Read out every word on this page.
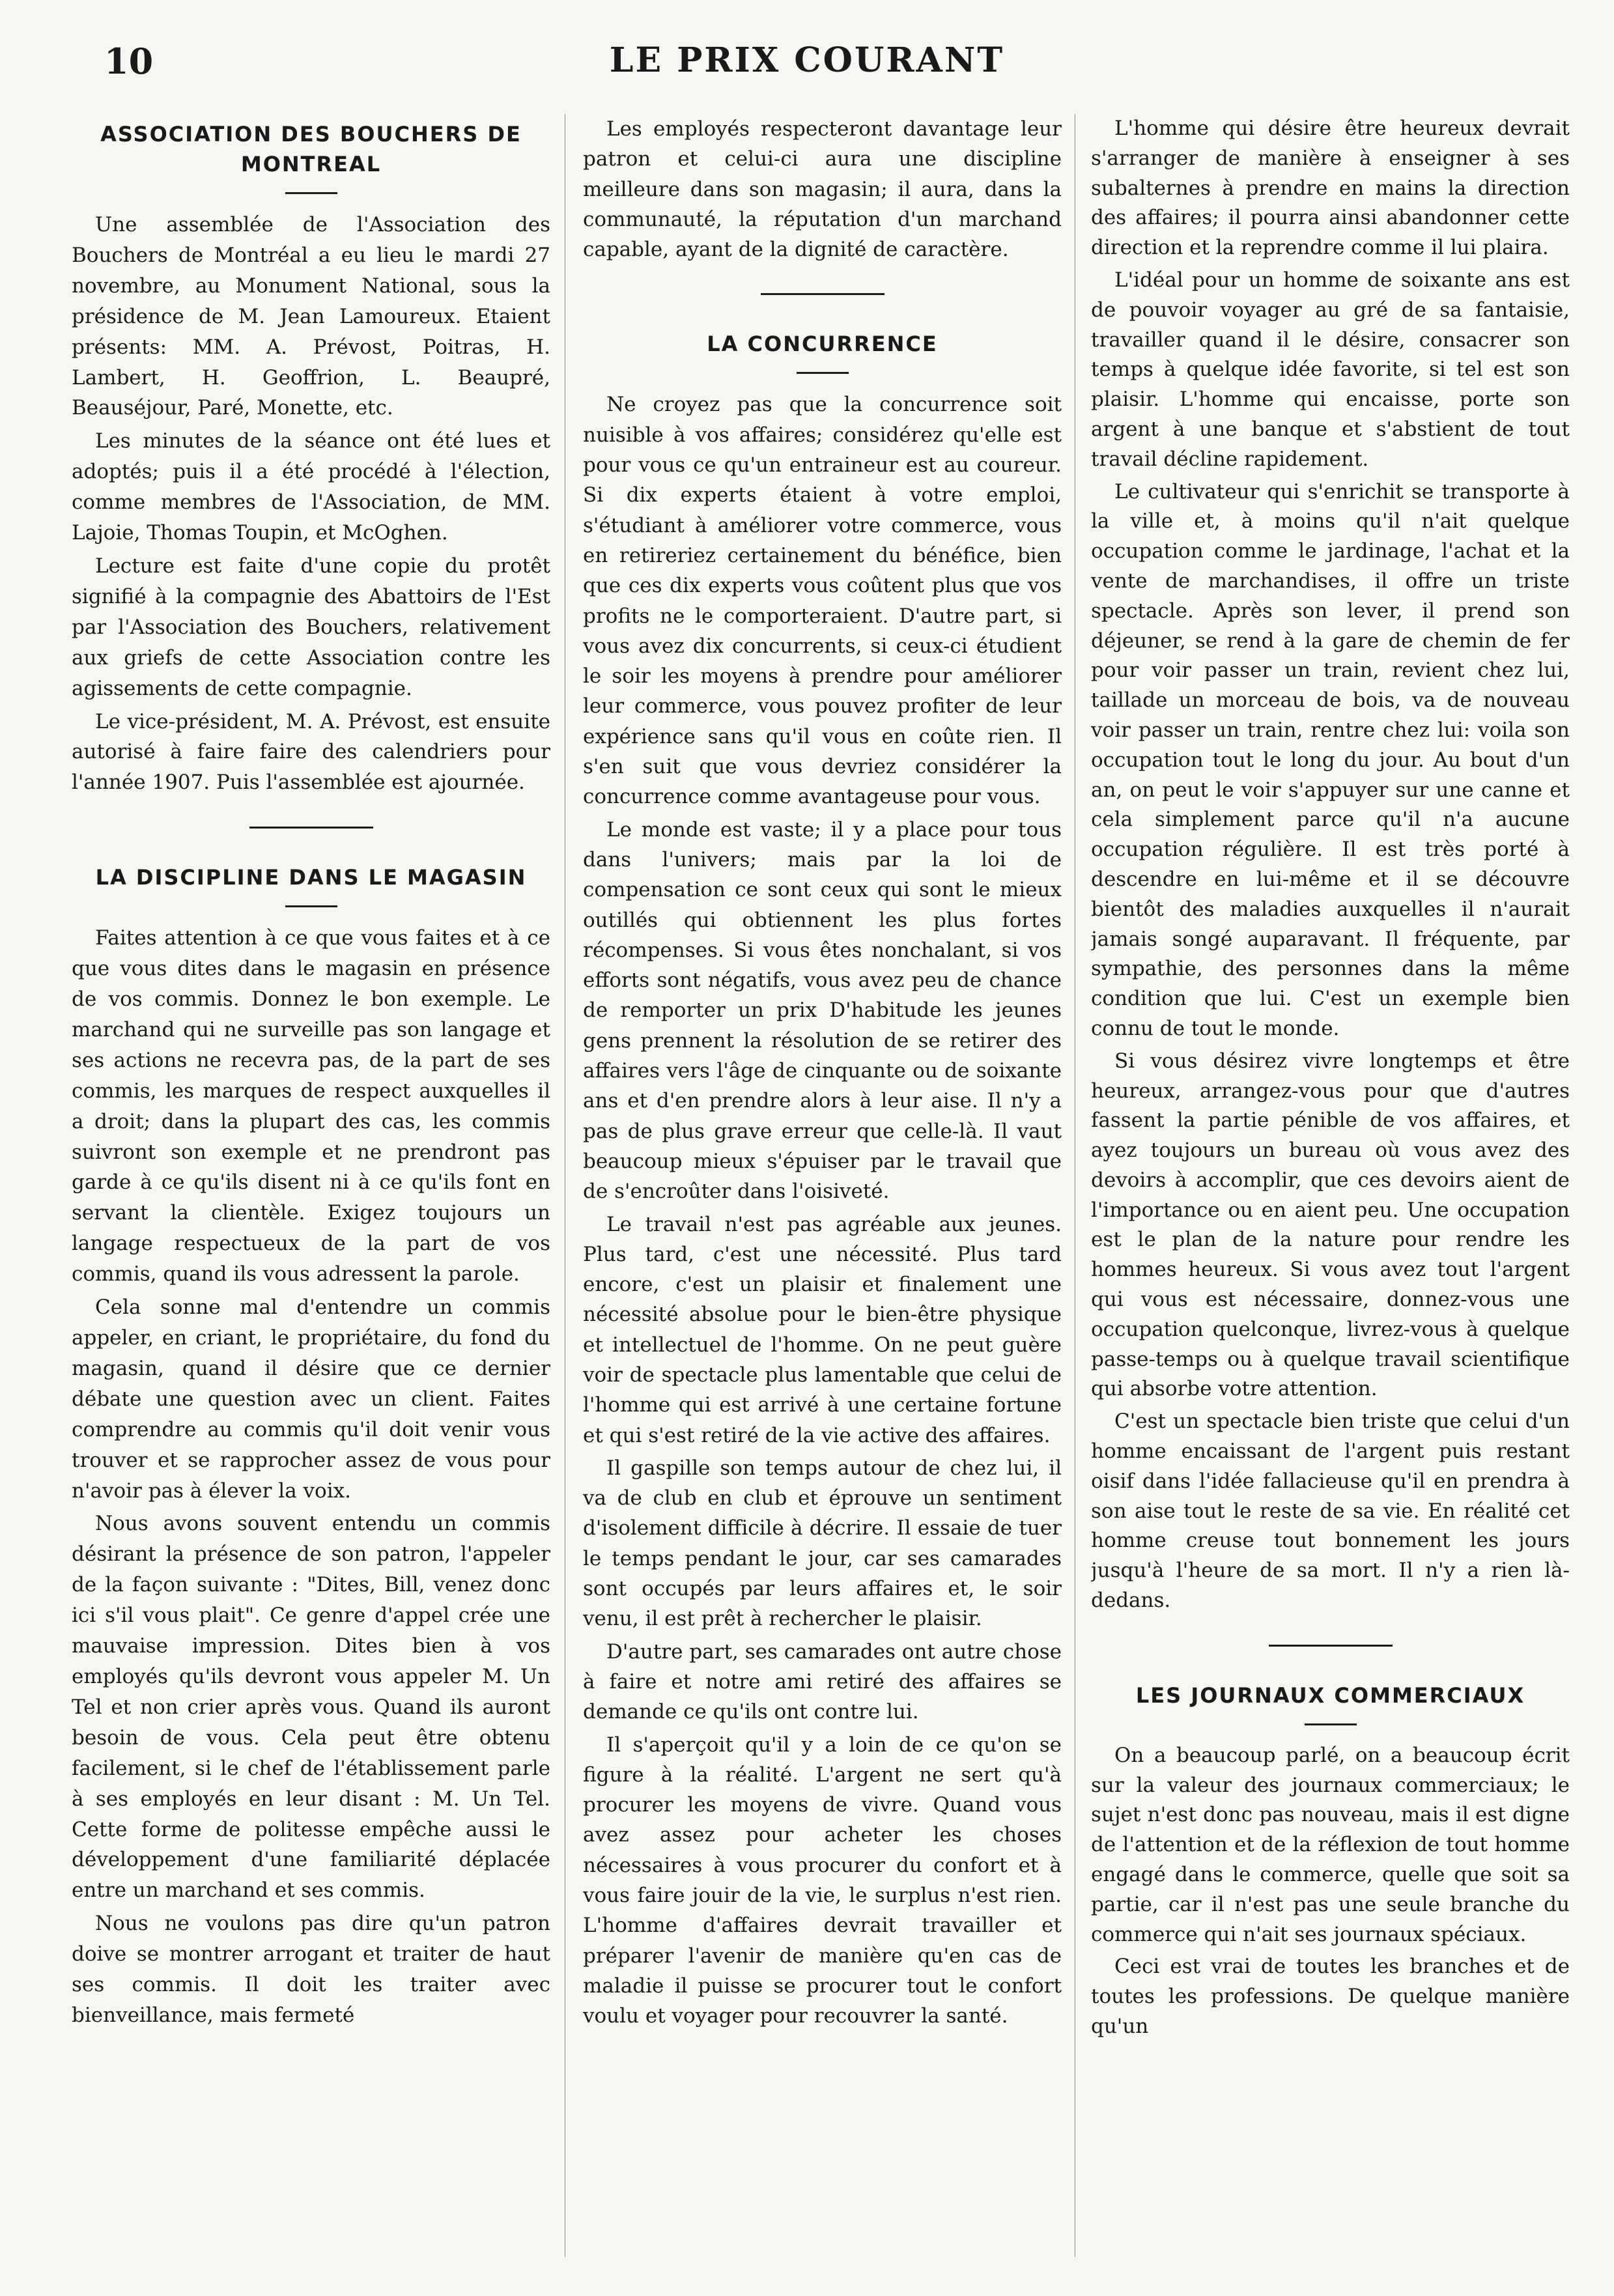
10	LE PRIX COURANT
ASSOCIATION DES BOUCHERS DE MONTREAL

Une assemblée de l'Association des Bouchers de Montréal a eu lieu le mardi 27 novembre, au Monument National, sous la présidence de M. Jean Lamoureux. Etaient présents: MM. A. Prévost, Poitras, H. Lambert, H. Geoffrion, L. Beaupré, Beauséjour, Paré, Monette, etc.

Les minutes de la séance ont été lues et adoptés; puis il a été procédé à l'élection, comme membres de l'Association, de MM. Lajoie, Thomas Toupin, et McOghen.

Lecture est faite d'une copie du protêt signifié à la compagnie des Abattoirs de l'Est par l'Association des Bouchers, relativement aux griefs de cette Association contre les agissements de cette compagnie.

Le vice-président, M. A. Prévost, est ensuite autorisé à faire faire des calendriers pour l'année 1907. Puis l'assemblée est ajournée.

LA DISCIPLINE DANS LE MAGASIN

Faites attention à ce que vous faites et à ce que vous dites dans le magasin en présence de vos commis. Donnez le bon exemple. Le marchand qui ne surveille pas son langage et ses actions ne recevra pas, de la part de ses commis, les marques de respect auxquelles il a droit; dans la plupart des cas, les commis suivront son exemple et ne prendront pas garde à ce qu'ils disent ni à ce qu'ils font en servant la clientèle. Exigez toujours un langage respectueux de la part de vos commis, quand ils vous adressent la parole.

Cela sonne mal d'entendre un commis appeler, en criant, le propriétaire, du fond du magasin, quand il désire que ce dernier débate une question avec un client. Faites comprendre au commis qu'il doit venir vous trouver et se rapprocher assez de vous pour n'avoir pas à élever la voix.

Nous avons souvent entendu un commis désirant la présence de son patron, l'appeler de la façon suivante : "Dites, Bill, venez donc ici s'il vous plait". Ce genre d'appel crée une mauvaise impression. Dites bien à vos employés qu'ils devront vous appeler M. Un Tel et non crier après vous. Quand ils auront besoin de vous. Cela peut être obtenu facilement, si le chef de l'établissement parle à ses employés en leur disant : M. Un Tel. Cette forme de politesse empêche aussi le développement d'une familiarité déplacée entre un marchand et ses commis.

Nous ne voulons pas dire qu'un patron doive se montrer arrogant et traiter de haut ses commis. Il doit les traiter avec bienveillance, mais fermeté

Les employés respecteront davantage leur patron et celui-ci aura une discipline meilleure dans son magasin; il aura, dans la communauté, la réputation d'un marchand capable, ayant de la dignité de caractère.

LA CONCURRENCE

Ne croyez pas que la concurrence soit nuisible à vos affaires; considérez qu'elle est pour vous ce qu'un entraineur est au coureur. Si dix experts étaient à votre emploi, s'étudiant à améliorer votre commerce, vous en retireriez certainement du bénéfice, bien que ces dix experts vous coûtent plus que vos profits ne le comporteraient. D'autre part, si vous avez dix concurrents, si ceux-ci étudient le soir les moyens à prendre pour améliorer leur commerce, vous pouvez profiter de leur expérience sans qu'il vous en coûte rien. Il s'en suit que vous devriez considérer la concurrence comme avantageuse pour vous.

Le monde est vaste; il y a place pour tous dans l'univers; mais par la loi de compensation ce sont ceux qui sont le mieux outillés qui obtiennent les plus fortes récompenses. Si vous êtes nonchalant, si vos efforts sont négatifs, vous avez peu de chance de remporter un prix D'habitude les jeunes gens prennent la résolution de se retirer des affaires vers l'âge de cinquante ou de soixante ans et d'en prendre alors à leur aise. Il n'y a pas de plus grave erreur que celle-là. Il vaut beaucoup mieux s'épuiser par le travail que de s'encroûter dans l'oisiveté.

Le travail n'est pas agréable aux jeunes. Plus tard, c'est une nécessité. Plus tard encore, c'est un plaisir et finalement une nécessité absolue pour le bien-être physique et intellectuel de l'homme. On ne peut guère voir de spectacle plus lamentable que celui de l'homme qui est arrivé à une certaine fortune et qui s'est retiré de la vie active des affaires.

Il gaspille son temps autour de chez lui, il va de club en club et éprouve un sentiment d'isolement difficile à décrire. Il essaie de tuer le temps pendant le jour, car ses camarades sont occupés par leurs affaires et, le soir venu, il est prêt à rechercher le plaisir.

D'autre part, ses camarades ont autre chose à faire et notre ami retiré des affaires se demande ce qu'ils ont contre lui.

Il s'aperçoit qu'il y a loin de ce qu'on se figure à la réalité. L'argent ne sert qu'à procurer les moyens de vivre. Quand vous avez assez pour acheter les choses nécessaires à vous procurer du confort et à vous faire jouir de la vie, le surplus n'est rien. L'homme d'affaires devrait travailler et préparer l'avenir de manière qu'en cas de maladie il puisse se procurer tout le confort voulu et voyager pour recouvrer la santé.

L'homme qui désire être heureux devrait s'arranger de manière à enseigner à ses subalternes à prendre en mains la direction des affaires; il pourra ainsi abandonner cette direction et la reprendre comme il lui plaira.

L'idéal pour un homme de soixante ans est de pouvoir voyager au gré de sa fantaisie, travailler quand il le désire, consacrer son temps à quelque idée favorite, si tel est son plaisir. L'homme qui encaisse, porte son argent à une banque et s'abstient de tout travail décline rapidement.

Le cultivateur qui s'enrichit se transporte à la ville et, à moins qu'il n'ait quelque occupation comme le jardinage, l'achat et la vente de marchandises, il offre un triste spectacle. Après son lever, il prend son déjeuner, se rend à la gare de chemin de fer pour voir passer un train, revient chez lui, taillade un morceau de bois, va de nouveau voir passer un train, rentre chez lui: voila son occupation tout le long du jour. Au bout d'un an, on peut le voir s'appuyer sur une canne et cela simplement parce qu'il n'a aucune occupation régulière. Il est très porté à descendre en lui-même et il se découvre bientôt des maladies auxquelles il n'aurait jamais songé auparavant. Il fréquente, par sympathie, des personnes dans la même condition que lui. C'est un exemple bien connu de tout le monde.

Si vous désirez vivre longtemps et être heureux, arrangez-vous pour que d'autres fassent la partie pénible de vos affaires, et ayez toujours un bureau où vous avez des devoirs à accomplir, que ces devoirs aient de l'importance ou en aient peu. Une occupation est le plan de la nature pour rendre les hommes heureux. Si vous avez tout l'argent qui vous est nécessaire, donnez-vous une occupation quelconque, livrez-vous à quelque passe-temps ou à quelque travail scientifique qui absorbe votre attention.

C'est un spectacle bien triste que celui d'un homme encaissant de l'argent puis restant oisif dans l'idée fallacieuse qu'il en prendra à son aise tout le reste de sa vie. En réalité cet homme creuse tout bonnement les jours jusqu'à l'heure de sa mort. Il n'y a rien là-dedans.

LES JOURNAUX COMMERCIAUX

On a beaucoup parlé, on a beaucoup écrit sur la valeur des journaux commerciaux; le sujet n'est donc pas nouveau, mais il est digne de l'attention et de la réflexion de tout homme engagé dans le commerce, quelle que soit sa partie, car il n'est pas une seule branche du commerce qui n'ait ses journaux spéciaux.

Ceci est vrai de toutes les branches et de toutes les professions. De quelque manière qu'un
